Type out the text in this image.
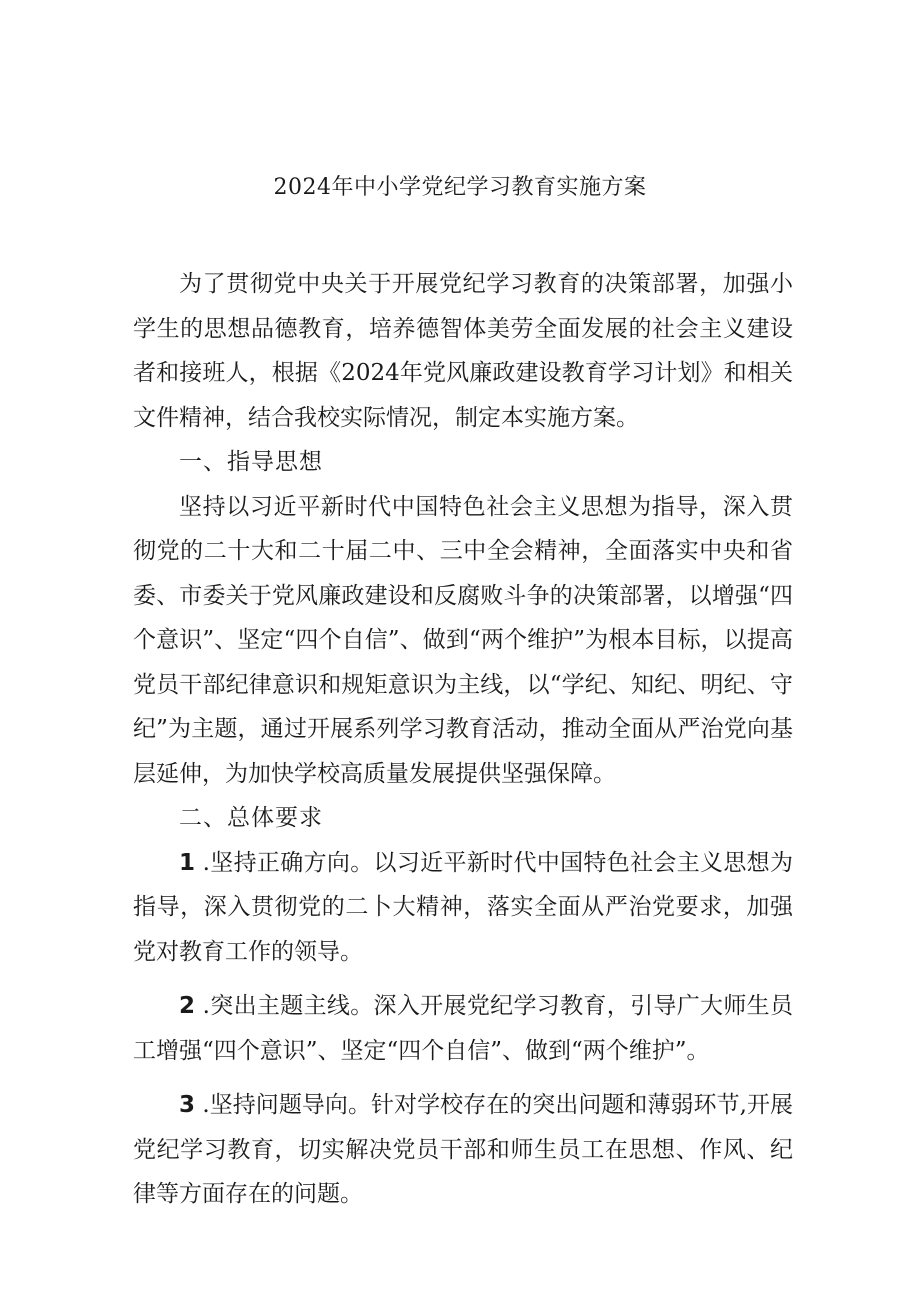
2024年中小学党纪学习教育实施方案

为了贯彻党中央关于开展党纪学习教育的决策部署，加强小学生的思想品德教育，培养德智体美劳全面发展的社会主义建设者和接班人，根据《2024年党风廉政建设教育学习计划》和相关文件精神，结合我校实际情况，制定本实施方案。

一、指导思想

坚持以习近平新时代中国特色社会主义思想为指导，深入贯彻党的二十大和二十届二中、三中全会精神，全面落实中央和省委、市委关于党风廉政建设和反腐败斗争的决策部署，以增强“四个意识”、坚定“四个自信”、做到“两个维护”为根本目标，以提高党员干部纪律意识和规矩意识为主线，以“学纪、知纪、明纪、守纪”为主题，通过开展系列学习教育活动，推动全面从严治党向基层延伸，为加快学校高质量发展提供坚强保障。

二、总体要求

1 .坚持正确方向。以习近平新时代中国特色社会主义思想为指导，深入贯彻党的二卜大精神，落实全面从严治党要求，加强党对教育工作的领导。

2 .突出主题主线。深入开展党纪学习教育，引导广大师生员工增强“四个意识”、坚定“四个自信”、做到“两个维护”。

3 .坚持问题导向。针对学校存在的突出问题和薄弱环节,开展党纪学习教育，切实解决党员干部和师生员工在思想、作风、纪律等方面存在的问题。
